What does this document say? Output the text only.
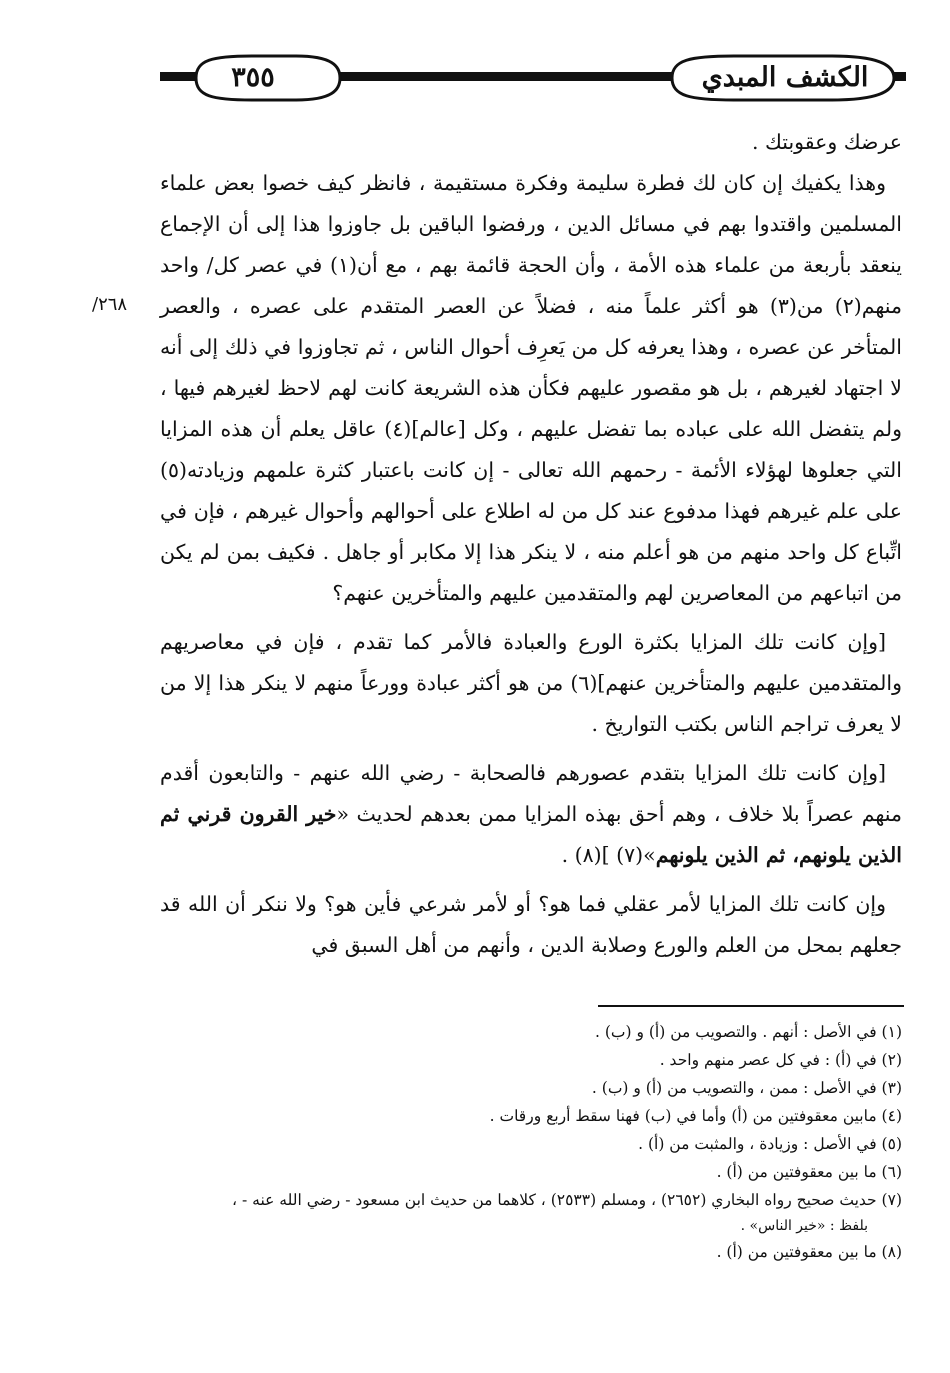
الكشف المبدي
٣٥٥
٢٦٨/

عرضك وعقوبتك .

وهذا يكفيك إن كان لك فطرة سليمة وفكرة مستقيمة ، فانظر كيف خصوا بعض علماء المسلمين واقتدوا بهم في مسائل الدين ، ورفضوا الباقين بل جاوزوا هذا إلى أن الإجماع ينعقد بأربعة من علماء هذه الأمة ، وأن الحجة قائمة بهم ، مع أن(١) في عصر كل/ واحد منهم(٢) من(٣) هو أكثر علماً منه ، فضلاً عن العصر المتقدم على عصره ، والعصر المتأخر عن عصره ، وهذا يعرفه كل من يَعرِف أحوال الناس ، ثم تجاوزوا في ذلك إلى أنه لا اجتهاد لغيرهم ، بل هو مقصور عليهم فكأن هذه الشريعة كانت لهم لاحظ لغيرهم فيها ، ولم يتفضل الله على عباده بما تفضل عليهم ، وكل [عالم](٤) عاقل يعلم أن هذه المزايا التي جعلوها لهؤلاء الأئمة - رحمهم الله تعالى - إن كانت باعتبار كثرة علمهم وزيادته(٥) على علم غيرهم فهذا مدفوع عند كل من له اطلاع على أحوالهم وأحوال غيرهم ، فإن في اتِّباع كل واحد منهم من هو أعلم منه ، لا ينكر هذا إلا مكابر أو جاهل . فكيف بمن لم يكن من اتباعهم من المعاصرين لهم والمتقدمين عليهم والمتأخرين عنهم؟

[وإن كانت تلك المزايا بكثرة الورع والعبادة فالأمر كما تقدم ، فإن في معاصريهم والمتقدمين عليهم والمتأخرين عنهم](٦) من هو أكثر عبادة وورعاً منهم لا ينكر هذا إلا من لا يعرف تراجم الناس بكتب التواريخ .

[وإن كانت تلك المزايا بتقدم عصورهم فالصحابة - رضي الله عنهم - والتابعون أقدم منهم عصراً بلا خلاف ، وهم أحق بهذه المزايا ممن بعدهم لحديث «خير القرون قرني ثم الذين يلونهم، ثم الذين يلونهم»(٧) ](٨) .

وإن كانت تلك المزايا لأمر عقلي فما هو؟ أو لأمر شرعي فأين هو؟ ولا ننكر أن الله قد جعلهم بمحل من العلم والورع وصلابة الدين ، وأنهم من أهل السبق في

(١) في الأصل : أنهم . والتصويب من (أ) و (ب) .

(٢) في (أ) : في كل عصر منهم واحد .

(٣) في الأصل : ممن ، والتصويب من (أ) و (ب) .

(٤) مابين معقوفتين من (أ) وأما في (ب) فهنا سقط أربع ورقات .

(٥) في الأصل : وزيادة ، والمثبت من (أ) .

(٦) ما بين معقوفتين من (أ) .

(٧) حديث صحيح رواه البخاري (٢٦٥٢) ، ومسلم (٢٥٣٣) ، كلاهما من حديث ابن مسعود - رضي الله عنه - ،

بلفظ : «خير الناس» .

(٨) ما بين معقوفتين من (أ) .
